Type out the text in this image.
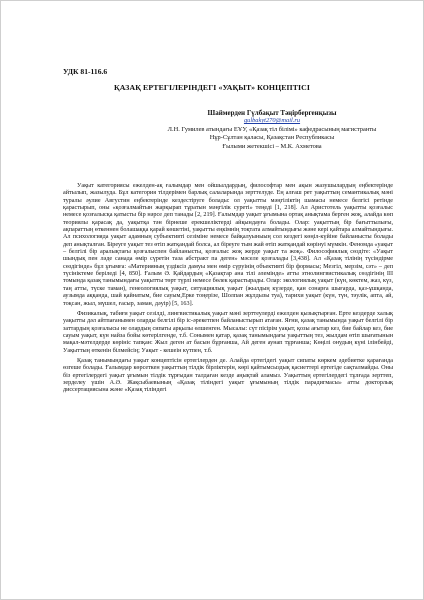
УДК 81-116.6
ҚАЗАҚ ЕРТЕГІЛЕРІНДЕГІ «УАҚЫТ» КОНЦЕПТІСІ
Шаймерден Гүлбақыт Тәңірбергенқызы
gulbakyt270@mail.ru
Л.Н. Гумилев атындағы ЕҰУ, «Қазақ тіл білімі» кафедрасының магистранты
Нұр-Сұлтан қаласы, Қазақстан Республикасы
Ғылыми жетекшісі – М.К. Ахметова

Уақыт категориясы ежелден-ақ ғалымдар мен ойшылдардың, философтар мен ақын жазушылардың еңбектерінде айтылып, жазылуда. Бұл категория тілдерімен барлық салаларында зерттелуде. Ең алғаш рет уақыттың семантикалық мәні туралы әулие Августин еңбектерінде кездестіруге болады: ол уақытты мәңгіліктің шамасы немесе белгісі ретінде қарастырып, оны «қозғалмайтын жарқырап тұратын мәңгілік суреті» теңеді [1, 218]. Ал Аристотель уақытты қозғалыс немесе қозғалысқа қатысты бір нәрсе деп танады [2, 219]. Ғалымдар уақыт ұғымына ортақ анықтама берген жоқ, алайда көп теориялы қарасақ да, уақытқа тән бірнеше ерекшеліктерді айқындауға болады. Олар: уақыттың бір бағыттылығы, ақпараттың өткеннен болашаққа қарай көшетіні, уақытты еңкімнің тоқтата алмайтындығы және кері қайтара алмайтындығы. Ал психологияда уақыт адамның субъективті сезіміне немесе байқалуыныың сол кездегі көңіл-күйіне байланысты болады деп анықталған. Біреуге уақыт тез өтіп жатқандай болса, ал біреуге тым жай өтіп жатқандай көрінуі мүмкін. Феномда «уақыт – белгілі бір аралықтағы қозғалыспен байланысты, қозғалыс жоқ жерде уақыт та жоқ». Философиялық сөздіте: «Уақыт шындық пен ләде санада өмір сүретін таза абстракт па деген» мәселе қозғалады [3,438]. Ал «Қазақ тілінің түсіндірме сөздігінде» бұл ұғымға: «Материяның үздіксіз дамуы мен өмір сүруінің объективті бір формасы; Мезгіл, мерзім, сәт» – деп түсініктеме беріледі [4, 850]. Ғалым Ә. Қайдардың «Қазақтар ана тілі әлемінде» атты этнолингвистикалық сөздігінің ІІІ томында қазақ танымындағы уақытты төрт түрлі немесе бөлек қарастырады. Олар: экологиялық уақыт (күн, көктем, жаз, күз, таң атты, түске таман), генеологиялық уақыт, ситуациялық уақыт (жылдың күзерде, қан сонарға шығарда, қаз-ұшқанда, аузымда аққанда, шай қайнатым, бие сауым,Ерке тоңерізе, Шолпан жұлдызы туа), тарихи уақыт (күн, түн, тәулік, апта, ай, тоқсан, жыл, мүшел, ғасыр, заман, дәуір) [5, 163].

Физикалық, табиғи уақыт сезілді, лингвистикалық уақыт мәні зерттеулерді ежелден қызықтырған. Ерте кездерде халық уақытты дәл айтпағанымен оларды белгілі бір іс-әрекетпен байланыстырып атаған. Яғни, қазақ танымында уақыт белгілі бір заттардың қозғалысы не олардың сипаты арқылы өлшенген. Мысалы: сүт пісірім уақыт, қозы ағытар кез, бие байлар кез, бие сауым уақыт, күн найза бойы көтерілгенде, т.б. Сонымен қатар, қазақ танымындағы уақыттың тез, жылдам өтіп шығатынын мақал-мәтелдерде көрініс тапқан: Жыл деген ат басын бұрғанша, Ай деген аунап тұрғанша; Көңілі онудың күні ілінбейді, Уақыттың өткенін білмейсің; Уақыт - кешеін күтпен, т.б.

Қазақ танымындағы уақыт концептісін ертегілерден де. Алайда ертегідегі уақыт сипаты көркем әдебиетке қарағанда өзгеше болады. Ғалымдар көрсеткен уақыттың тілдік бірліктерін, көрі қайтымсыздық қасиеттері ертегіде сақталмайды. Оны біз ертегілердегі уақыт ұғымын тілдік тұрғыдан талдаған кезде аңықтай аламыз. Уақыттың ертегілердегі тұлғада зерттеп, зерделеу үшін А.Ә. Жақсыбаевының «Қазақ тіліндегі уақыт ұғымының тілдік парадигмасы» атты докторлық диссертациясына және «Қазақ тіліндегі
